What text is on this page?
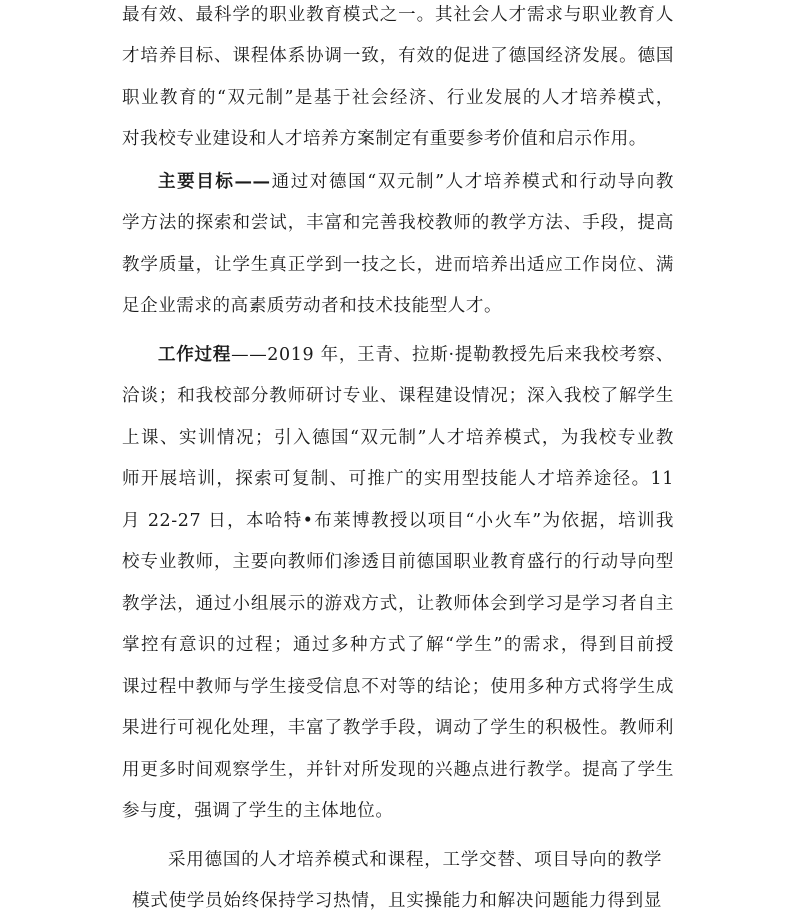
最有效、最科学的职业教育模式之一。其社会人才需求与职业教育人
才培养目标、课程体系协调一致，有效的促进了德国经济发展。德国
职业教育的“双元制”是基于社会经济、行业发展的人才培养模式，
对我校专业建设和人才培养方案制定有重要参考价值和启示作用。
主要目标——通过对德国“双元制”人才培养模式和行动导向教
学方法的探索和尝试，丰富和完善我校教师的教学方法、手段，提高
教学质量，让学生真正学到一技之长，进而培养出适应工作岗位、满
足企业需求的高素质劳动者和技术技能型人才。
工作过程——2019 年，王青、拉斯·提勒教授先后来我校考察、
洽谈；和我校部分教师研讨专业、课程建设情况；深入我校了解学生
上课、实训情况；引入德国“双元制”人才培养模式，为我校专业教
师开展培训，探索可复制、可推广的实用型技能人才培养途径。11
月 22-27 日，本哈特•布莱博教授以项目“小火车”为依据，培训我
校专业教师，主要向教师们渗透目前德国职业教育盛行的行动导向型
教学法，通过小组展示的游戏方式，让教师体会到学习是学习者自主
掌控有意识的过程；通过多种方式了解“学生”的需求，得到目前授
课过程中教师与学生接受信息不对等的结论；使用多种方式将学生成
果进行可视化处理，丰富了教学手段，调动了学生的积极性。教师利
用更多时间观察学生，并针对所发现的兴趣点进行教学。提高了学生
参与度，强调了学生的主体地位。
采用德国的人才培养模式和课程，工学交替、项目导向的教学
模式使学员始终保持学习热情，且实操能力和解决问题能力得到显
